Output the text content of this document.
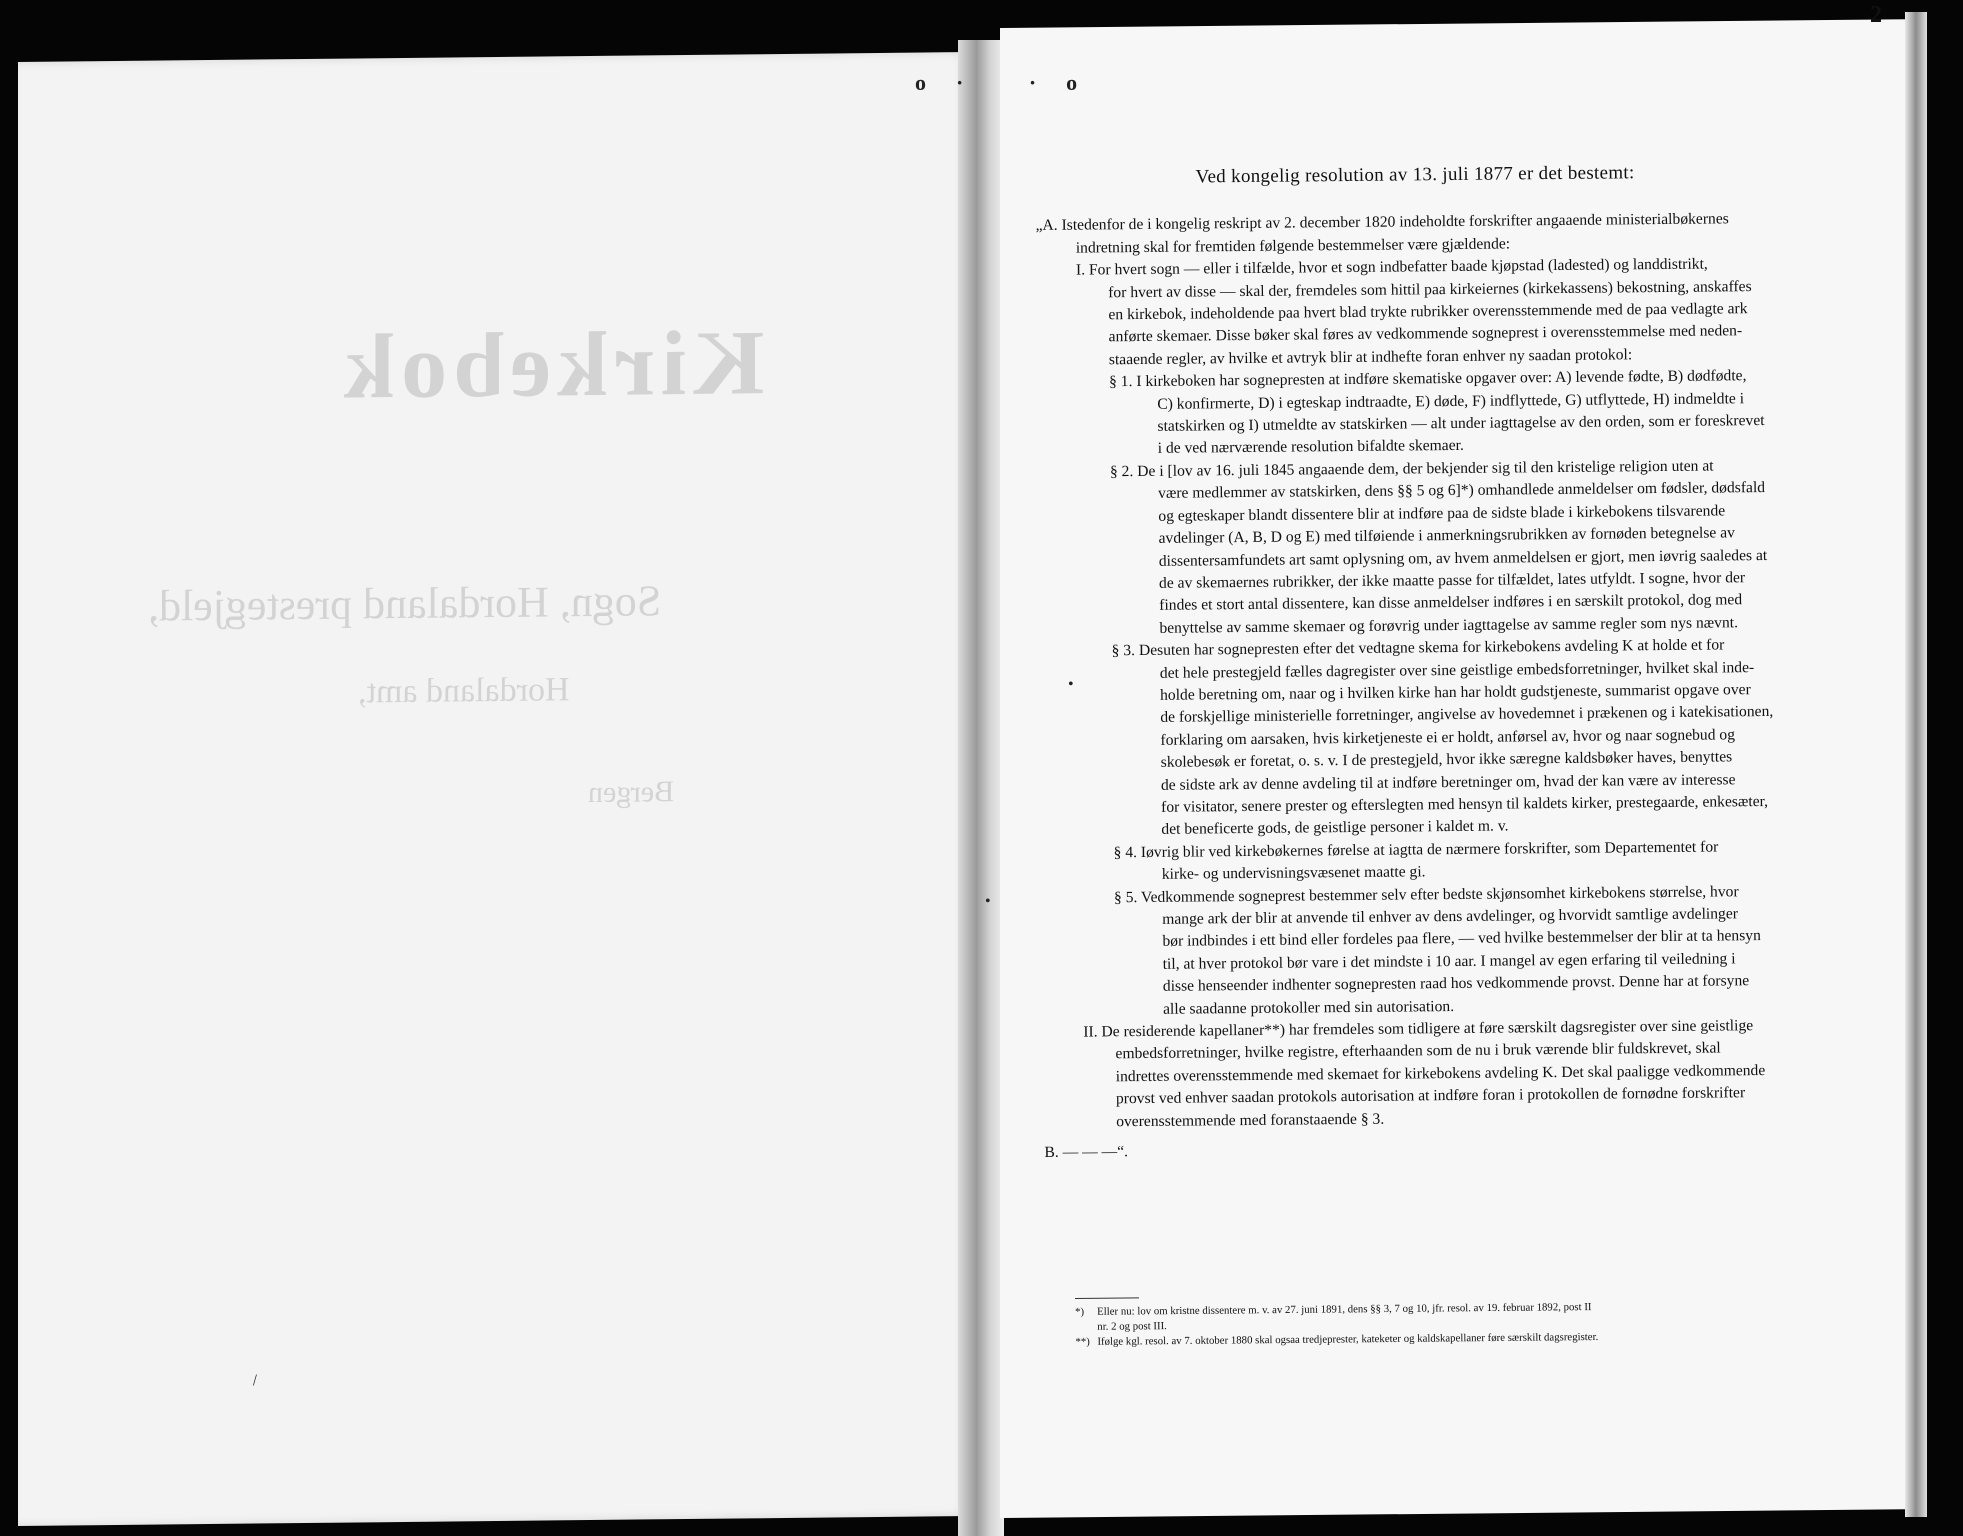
Kirkebok
Sogn, Hordaland prestegjeld,
Hordaland amt,
Bergen
o· ·o
2
Ved kongelig resolution av 13. juli 1877 er det bestemt:
„A. Istedenfor de i kongelig reskript av 2. december 1820 indeholdte forskrifter angaaende ministerialbøkernes
indretning skal for fremtiden følgende bestemmelser være gjældende:
I. For hvert sogn — eller i tilfælde, hvor et sogn indbefatter baade kjøpstad (ladested) og landdistrikt,
for hvert av disse — skal der, fremdeles som hittil paa kirkeiernes (kirkekassens) bekostning, anskaffes
en kirkebok, indeholdende paa hvert blad trykte rubrikker overensstemmende med de paa vedlagte ark
anførte skemaer. Disse bøker skal føres av vedkommende sogneprest i overensstemmelse med neden-
staaende regler, av hvilke et avtryk blir at indhefte foran enhver ny saadan protokol:
§ 1. I kirkeboken har sognepresten at indføre skematiske opgaver over: A) levende fødte, B) dødfødte,
C) konfirmerte, D) i egteskap indtraadte, E) døde, F) indflyttede, G) utflyttede, H) indmeldte i
statskirken og I) utmeldte av statskirken — alt under iagttagelse av den orden, som er foreskrevet
i de ved nærværende resolution bifaldte skemaer.
§ 2. De i [lov av 16. juli 1845 angaaende dem, der bekjender sig til den kristelige religion uten at
være medlemmer av statskirken, dens §§ 5 og 6]*) omhandlede anmeldelser om fødsler, dødsfald
og egteskaper blandt dissentere blir at indføre paa de sidste blade i kirkebokens tilsvarende
avdelinger (A, B, D og E) med tilføiende i anmerkningsrubrikken av fornøden betegnelse av
dissentersamfundets art samt oplysning om, av hvem anmeldelsen er gjort, men iøvrig saaledes at
de av skemaernes rubrikker, der ikke maatte passe for tilfældet, lates utfyldt. I sogne, hvor der
findes et stort antal dissentere, kan disse anmeldelser indføres i en særskilt protokol, dog med
benyttelse av samme skemaer og forøvrig under iagttagelse av samme regler som nys nævnt.
§ 3. Desuten har sognepresten efter det vedtagne skema for kirkebokens avdeling K at holde et for
det hele prestegjeld fælles dagregister over sine geistlige embedsforretninger, hvilket skal inde-
holde beretning om, naar og i hvilken kirke han har holdt gudstjeneste, summarist opgave over
de forskjellige ministerielle forretninger, angivelse av hovedemnet i prækenen og i katekisationen,
forklaring om aarsaken, hvis kirketjeneste ei er holdt, anførsel av, hvor og naar sognebud og
skolebesøk er foretat, o. s. v. I de prestegjeld, hvor ikke særegne kaldsbøker haves, benyttes
de sidste ark av denne avdeling til at indføre beretninger om, hvad der kan være av interesse
for visitator, senere prester og efterslegten med hensyn til kaldets kirker, prestegaarde, enkesæter,
det beneficerte gods, de geistlige personer i kaldet m. v.
§ 4. Iøvrig blir ved kirkebøkernes førelse at iagtta de nærmere forskrifter, som Departementet for
kirke- og undervisningsvæsenet maatte gi.
§ 5. Vedkommende sogneprest bestemmer selv efter bedste skjønsomhet kirkebokens størrelse, hvor
mange ark der blir at anvende til enhver av dens avdelinger, og hvorvidt samtlige avdelinger
bør indbindes i ett bind eller fordeles paa flere, — ved hvilke bestemmelser der blir at ta hensyn
til, at hver protokol bør vare i det mindste i 10 aar. I mangel av egen erfaring til veiledning i
disse henseender indhenter sognepresten raad hos vedkommende provst. Denne har at forsyne
alle saadanne protokoller med sin autorisation.
II. De residerende kapellaner**) har fremdeles som tidligere at føre særskilt dagsregister over sine geistlige
embedsforretninger, hvilke registre, efterhaanden som de nu i bruk værende blir fuldskrevet, skal
indrettes overensstemmende med skemaet for kirkebokens avdeling K. Det skal paaligge vedkommende
provst ved enhver saadan protokols autorisation at indføre foran i protokollen de fornødne forskrifter
overensstemmende med foranstaaende § 3.
B. — — —“.
*) Eller nu: lov om kristne dissentere m. v. av 27. juni 1891, dens §§ 3, 7 og 10, jfr. resol. av 19. februar 1892, post II
nr. 2 og post III.
**) Ifølge kgl. resol. av 7. oktober 1880 skal ogsaa tredjeprester, kateketer og kaldskapellaner føre særskilt dagsregister.
•
•
\
